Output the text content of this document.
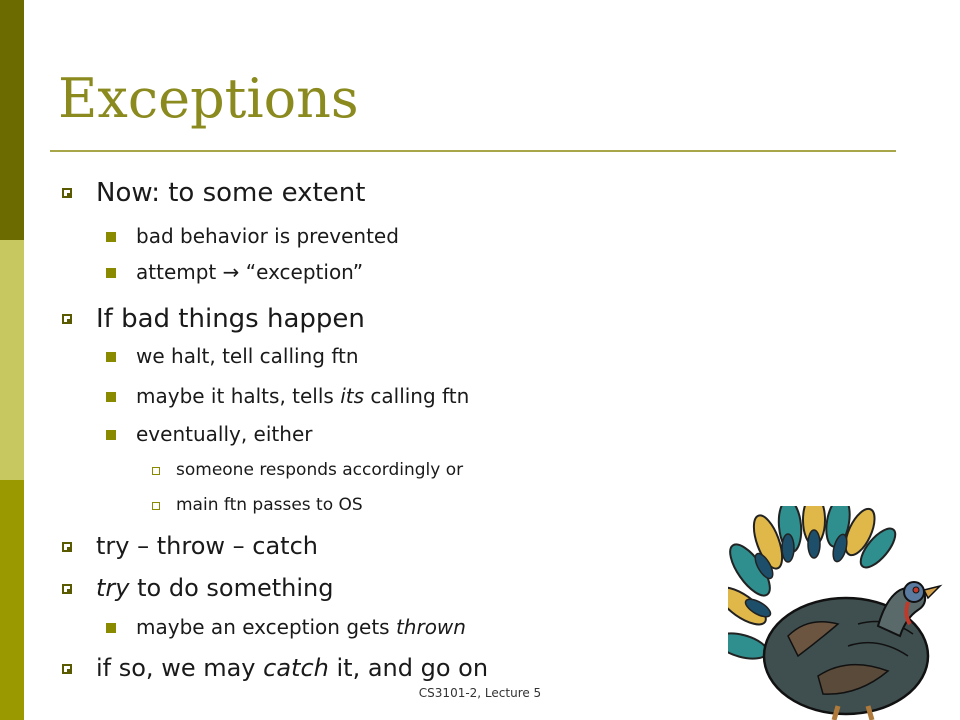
Exceptions
Now: to some extent
bad behavior is prevented
attempt → “exception”
If bad things happen
we halt, tell calling ftn
maybe it halts, tells its calling ftn
eventually, either
someone responds accordingly or
main ftn passes to OS
try – throw – catch
try to do something
maybe an exception gets thrown
if so, we may catch it, and go on
CS3101-2, Lecture 5
